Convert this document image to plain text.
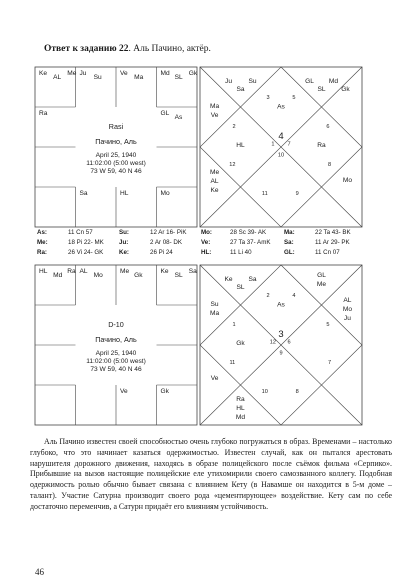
Ответ к заданию 22. Аль Пачино, актёр.
Ke
AL
Me Ju
Su
Ve
Ma
Md
SL
Gk
GL
As
Mo
HL
Sa
Ra
Rasi
Пачино, Аль
April 25, 1940
11:02:00 (5:00 west)
73 W 59, 40 N 46
As
Ju
Sa
Su
Ma
Ve
HL
Me
AL
Ke
Mo
Ra
GL
SL
Md
Gk
4
3
2
1
12
11
10
9
8
7
6
5
HL
Md
Ra AL
Mo
Me
Gk
Ke
SL
Sa
Gk
Ve
D-10
Пачино, Аль
April 25, 1940
11:02:00 (5:00 west)
73 W 59, 40 N 46
As
Ke
SL
Sa
Su
Ma
Gk
Ve
Ra
HL
Md
AL
Mo
Ju
GL
Me
3
2
1
12
11
10
9
8
7
6
5
4
As:	11 Cn 57	Su:	12 Ar 16- PiK Mo:	28 Sc 39- AK	Ma:	22 Ta 43- BK
Me:	18 Pi 22- MK Ju:	2 Ar 08- DK	Ve:	27 Ta 37- AmK Sa:	11 Ar 29- PK
Ra:	26 Vi 24- GK	Ke:	26 Pi 24	HL:	11 Li 40	GL:	11 Cn 07
Аль Пачино известен своей способностью очень глубоко погружаться в образ. Временами – настолько глубоко, что это начинает казаться одержимостью. Известен случай, как он пытался арестовать нарушителя дорожного движения, находясь в образе полицейского после съёмок фильма «Серпико». Прибывшие на вызов настоящие полицейские еле утихомирили своего самозванного коллегу. Подобная одержимость ролью обычно бывает связана с влиянием Кету (в Навамше он находится в 5-м доме – талант). Участие Сатурна производит своего рода «цементирующее» воздействие. Кету сам по себе достаточно переменчив, а Сатурн придаёт его влияниям устойчивость.
46
